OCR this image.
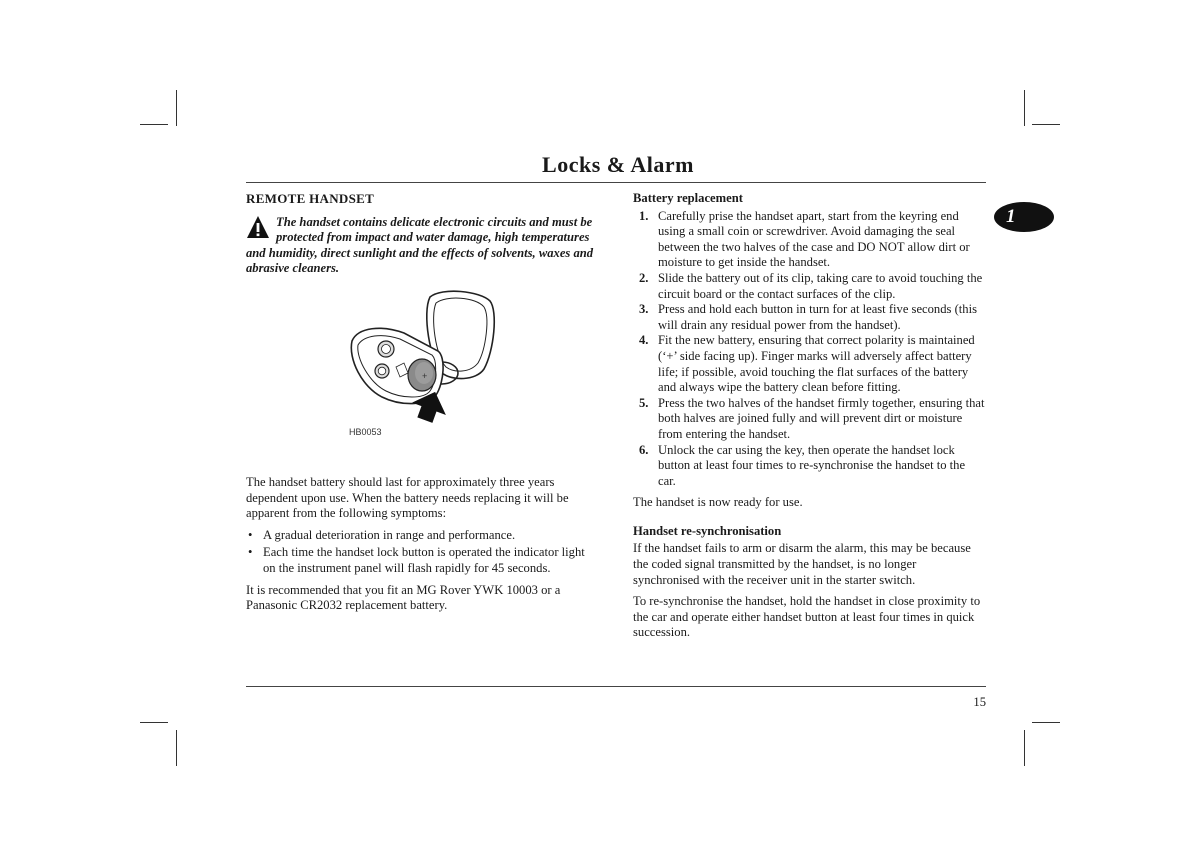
Locks & Alarm
1
REMOTE HANDSET
The handset contains delicate electronic circuits and must be protected from impact and water damage, high temperatures and humidity, direct sunlight and the effects of solvents, waxes and abrasive cleaners.
+
HB0053

The handset battery should last for approximately three years dependent upon use. When the battery needs replacing it will be apparent from the following symptoms:

• A gradual deterioration in range and performance.
• Each time the handset lock button is operated the indicator light on the instrument panel will flash rapidly for 45 seconds.

It is recommended that you fit an MG Rover YWK 10003 or a Panasonic CR2032 replacement battery.

Battery replacement
1. Carefully prise the handset apart, start from the keyring end using a small coin or screwdriver. Avoid damaging the seal between the two halves of the case and DO NOT allow dirt or moisture to get inside the handset.
2. Slide the battery out of its clip, taking care to avoid touching the circuit board or the contact surfaces of the clip.
3. Press and hold each button in turn for at least five seconds (this will drain any residual power from the handset).
4. Fit the new battery, ensuring that correct polarity is maintained (‘+’ side facing up). Finger marks will adversely affect battery life; if possible, avoid touching the flat surfaces of the battery and always wipe the battery clean before fitting.
5. Press the two halves of the handset firmly together, ensuring that both halves are joined fully and will prevent dirt or moisture from entering the handset.
6. Unlock the car using the key, then operate the handset lock button at least four times to re-synchronise the handset to the car.

The handset is now ready for use.

Handset re-synchronisation

If the handset fails to arm or disarm the alarm, this may be because the coded signal transmitted by the handset, is no longer synchronised with the receiver unit in the starter switch.

To re-synchronise the handset, hold the handset in close proximity to the car and operate either handset button at least four times in quick succession.

15
